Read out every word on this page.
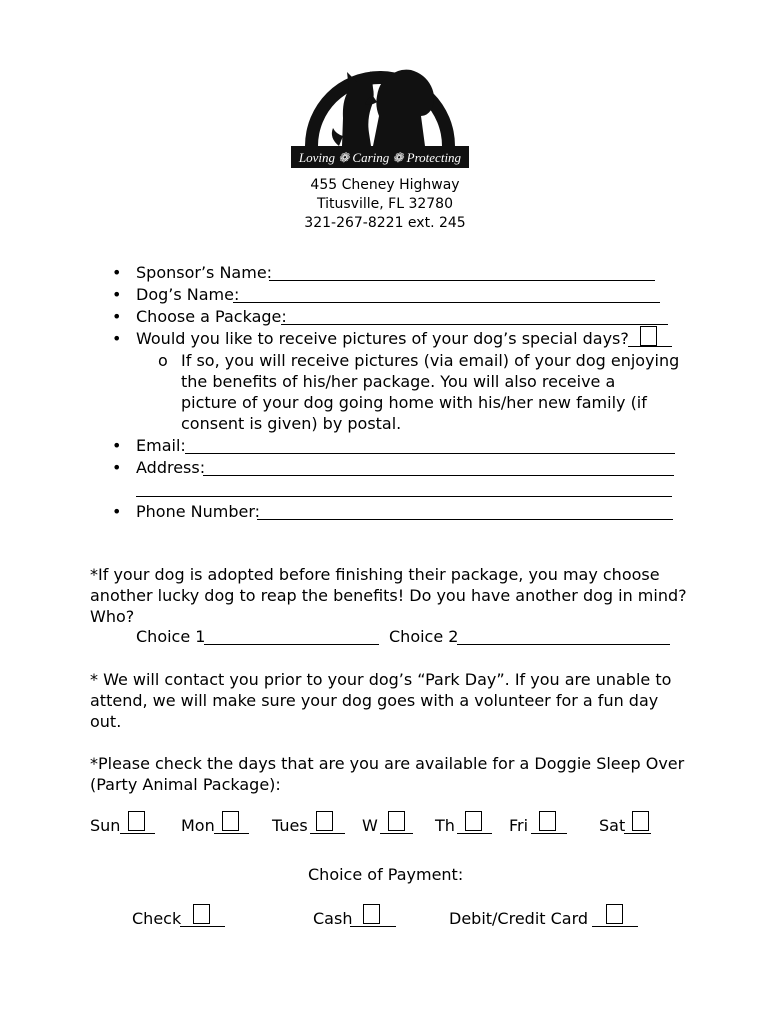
Loving ❁ Caring ❁ Protecting
455 Cheney Highway
Titusville, FL 32780
321-267-8221 ext. 245
• Sponsor’s Name:
• Dog’s Name:
• Choose a Package:
• Would you like to receive pictures of your dog’s special days?
o If so, you will receive pictures (via email) of your dog enjoying
the benefits of his/her package. You will also receive a
picture of your dog going home with his/her new family (if
consent is given) by postal.
• Email:
• Address:
• Phone Number:
*If your dog is adopted before finishing their package, you may choose
another lucky dog to reap the benefits! Do you have another dog in mind?
Who?
Choice 1	Choice 2
* We will contact you prior to your dog’s “Park Day”. If you are unable to
attend, we will make sure your dog goes with a volunteer for a fun day
out.
*Please check the days that are you are available for a Doggie Sleep Over
(Party Animal Package):
Sun	Mon	Tues	W	Th	Fri	Sat
Choice of Payment:
Check	Cash	Debit/Credit Card
